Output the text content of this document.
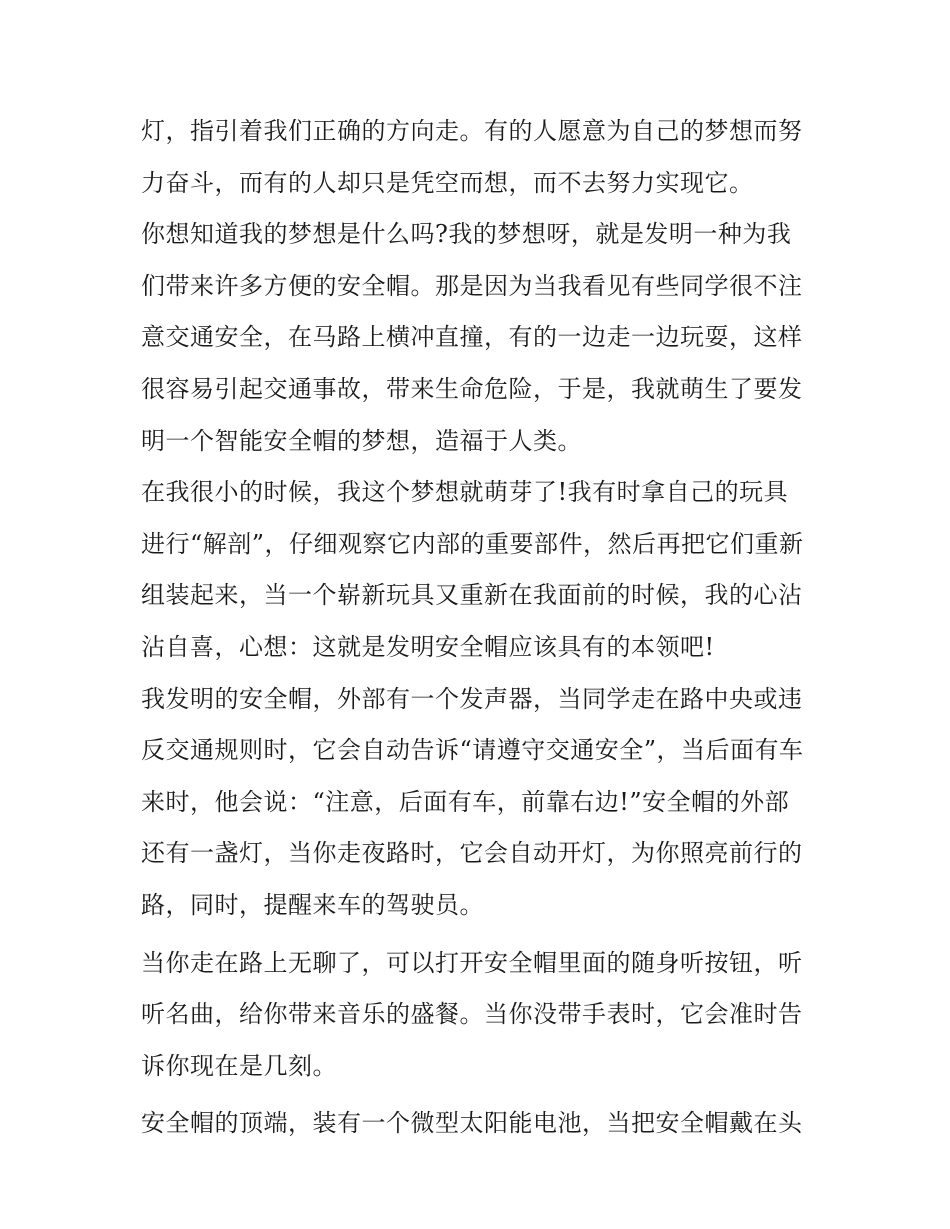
灯，指引着我们正确的方向走。有的人愿意为自己的梦想而努
力奋斗，而有的人却只是凭空而想，而不去努力实现它。
你想知道我的梦想是什么吗?我的梦想呀，就是发明一种为我
们带来许多方便的安全帽。那是因为当我看见有些同学很不注
意交通安全，在马路上横冲直撞，有的一边走一边玩耍，这样
很容易引起交通事故，带来生命危险，于是，我就萌生了要发
明一个智能安全帽的梦想，造福于人类。
在我很小的时候，我这个梦想就萌芽了!我有时拿自己的玩具
进行“解剖”，仔细观察它内部的重要部件，然后再把它们重新
组装起来，当一个崭新玩具又重新在我面前的时候，我的心沾
沾自喜，心想：这就是发明安全帽应该具有的本领吧!
我发明的安全帽，外部有一个发声器，当同学走在路中央或违
反交通规则时，它会自动告诉“请遵守交通安全”，当后面有车
来时，他会说：“注意，后面有车，前靠右边!”安全帽的外部
还有一盏灯，当你走夜路时，它会自动开灯，为你照亮前行的
路，同时，提醒来车的驾驶员。
当你走在路上无聊了，可以打开安全帽里面的随身听按钮，听
听名曲，给你带来音乐的盛餐。当你没带手表时，它会准时告
诉你现在是几刻。
安全帽的顶端，装有一个微型太阳能电池，当把安全帽戴在头
